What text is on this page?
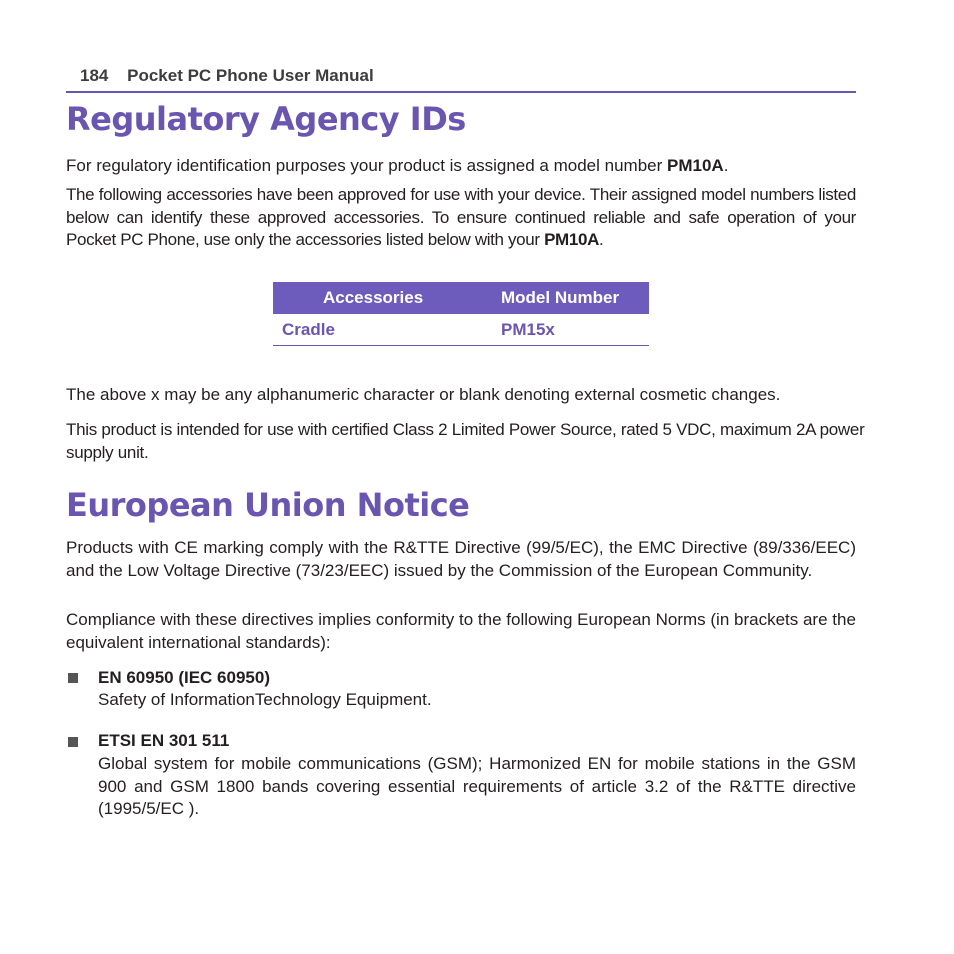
184 Pocket PC Phone User Manual
Regulatory Agency IDs

For regulatory identification purposes your product is assigned a model number PM10A.

The following accessories have been approved for use with your device. Their assigned model numbers listed below can identify these approved accessories. To ensure continued reliable and safe operation of your Pocket PC Phone, use only the accessories listed below with your PM10A.

Accessories	Model Number
Cradle	PM15x

The above x may be any alphanumeric character or blank denoting external cosmetic changes.

This product is intended for use with certified Class 2 Limited Power Source, rated 5 VDC, maximum 2A power supply unit.

European Union Notice

Products with CE marking comply with the R&TTE Directive (99/5/EC), the EMC Directive (89/336/EEC) and the Low Voltage Directive (73/23/EEC) issued by the Commission of the European Community.

Compliance with these directives implies conformity to the following European Norms (in brackets are the equivalent international standards):

EN 60950 (IEC 60950)

Safety of InformationTechnology Equipment.

ETSI EN 301 511

Global system for mobile communications (GSM); Harmonized EN for mobile stations in the GSM 900 and GSM 1800 bands covering essential requirements of article 3.2 of the R&TTE directive (1995/5/EC ).
